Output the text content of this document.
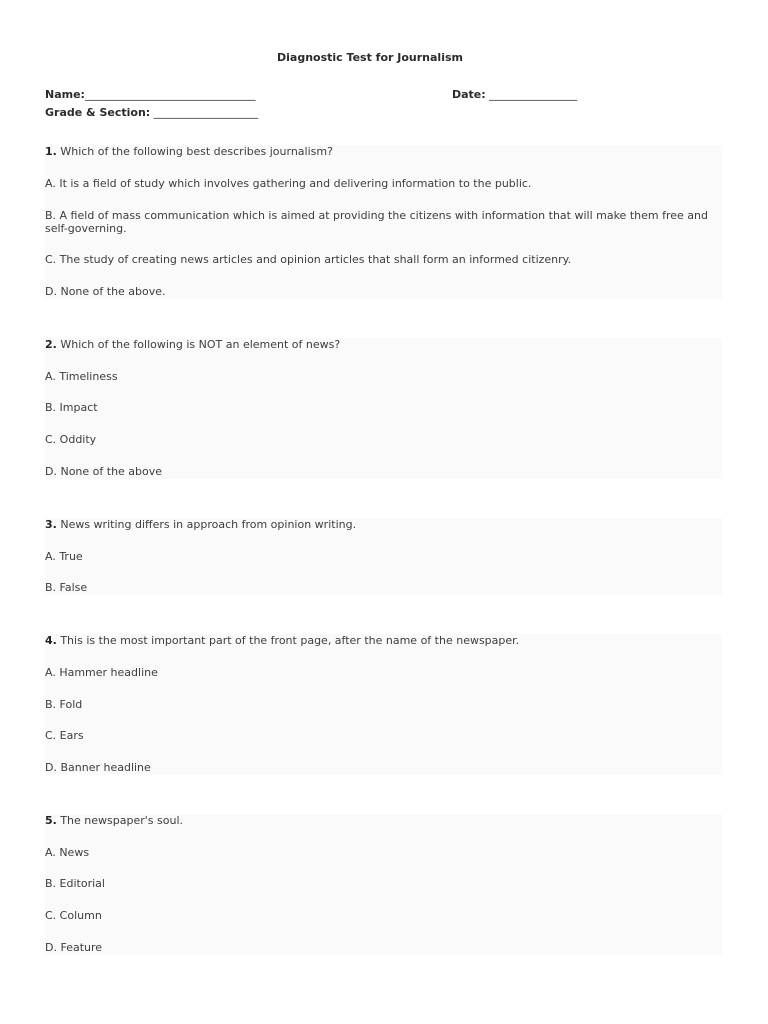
Diagnostic Test for Journalism
Name:_______________________________	Date: ________________
Grade & Section: ___________________
1. Which of the following best describes journalism?
A. It is a field of study which involves gathering and delivering information to the public.
B. A field of mass communication which is aimed at providing the citizens with information that will make them free and self-governing.
C. The study of creating news articles and opinion articles that shall form an informed citizenry.
D. None of the above.
2. Which of the following is NOT an element of news?
A. Timeliness
B. Impact
C. Oddity
D. None of the above
3. News writing differs in approach from opinion writing.
A. True
B. False
4. This is the most important part of the front page, after the name of the newspaper.
A. Hammer headline
B. Fold
C. Ears
D. Banner headline
5. The newspaper's soul.
A. News
B. Editorial
C. Column
D. Feature
